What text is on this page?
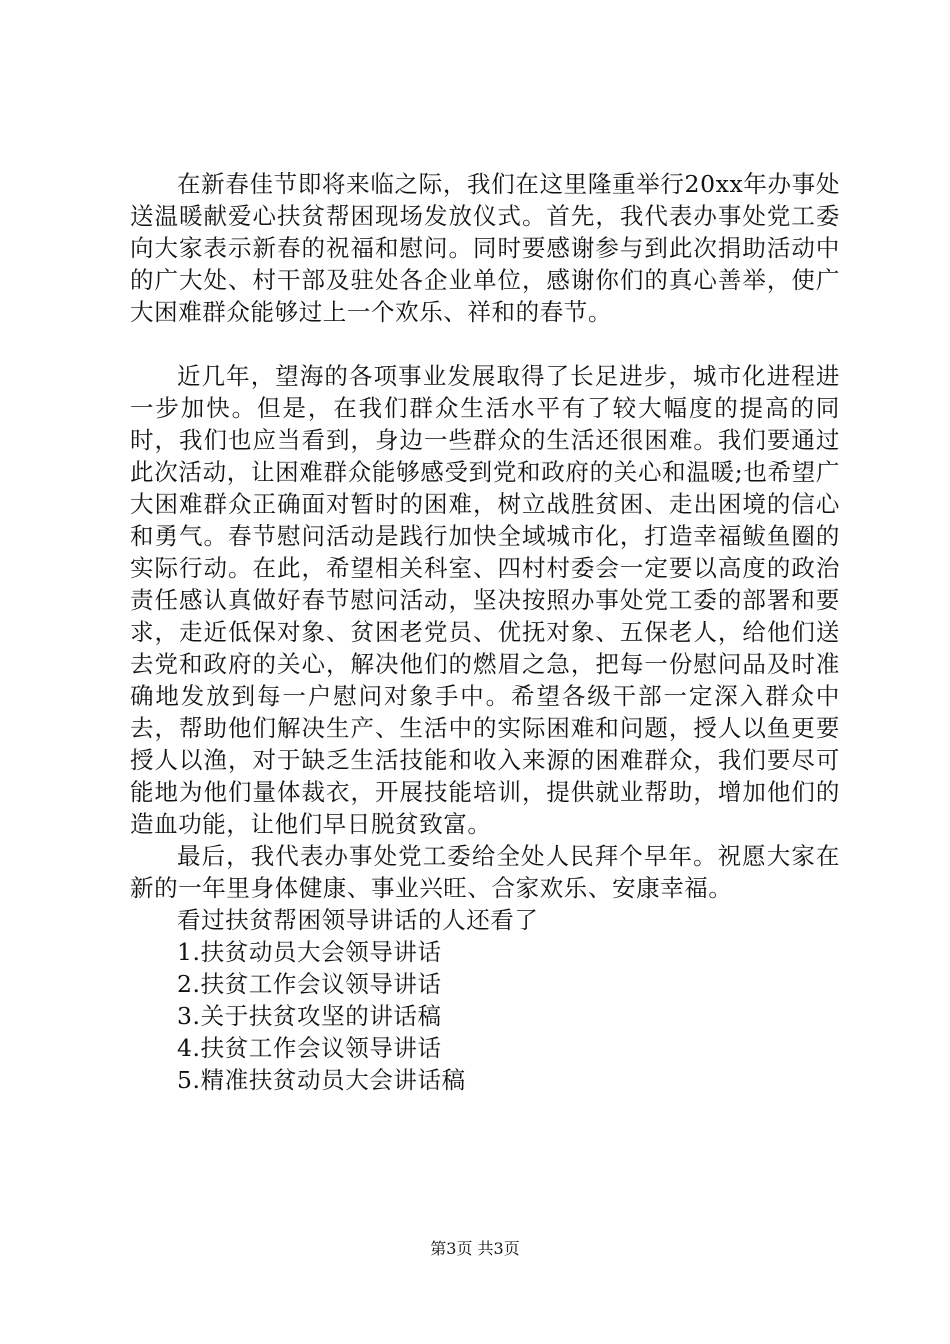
在新春佳节即将来临之际，我们在这里隆重举行20xx年办事处送温暖献爱心扶贫帮困现场发放仪式。首先，我代表办事处党工委向大家表示新春的祝福和慰问。同时要感谢参与到此次捐助活动中的广大处、村干部及驻处各企业单位，感谢你们的真心善举，使广大困难群众能够过上一个欢乐、祥和的春节。

近几年，望海的各项事业发展取得了长足进步，城市化进程进一步加快。但是，在我们群众生活水平有了较大幅度的提高的同时，我们也应当看到，身边一些群众的生活还很困难。我们要通过此次活动，让困难群众能够感受到党和政府的关心和温暖;也希望广大困难群众正确面对暂时的困难，树立战胜贫困、走出困境的信心和勇气。春节慰问活动是践行加快全域城市化，打造幸福鲅鱼圈的实际行动。在此，希望相关科室、四村村委会一定要以高度的政治责任感认真做好春节慰问活动，坚决按照办事处党工委的部署和要求，走近低保对象、贫困老党员、优抚对象、五保老人，给他们送去党和政府的关心，解决他们的燃眉之急，把每一份慰问品及时准确地发放到每一户慰问对象手中。希望各级干部一定深入群众中去，帮助他们解决生产、生活中的实际困难和问题，授人以鱼更要授人以渔，对于缺乏生活技能和收入来源的困难群众，我们要尽可能地为他们量体裁衣，开展技能培训，提供就业帮助，增加他们的造血功能，让他们早日脱贫致富。

最后，我代表办事处党工委给全处人民拜个早年。祝愿大家在新的一年里身体健康、事业兴旺、合家欢乐、安康幸福。

看过扶贫帮困领导讲话的人还看了

1.扶贫动员大会领导讲话
2.扶贫工作会议领导讲话
3.关于扶贫攻坚的讲话稿
4.扶贫工作会议领导讲话
5.精准扶贫动员大会讲话稿
第3页 共3页
